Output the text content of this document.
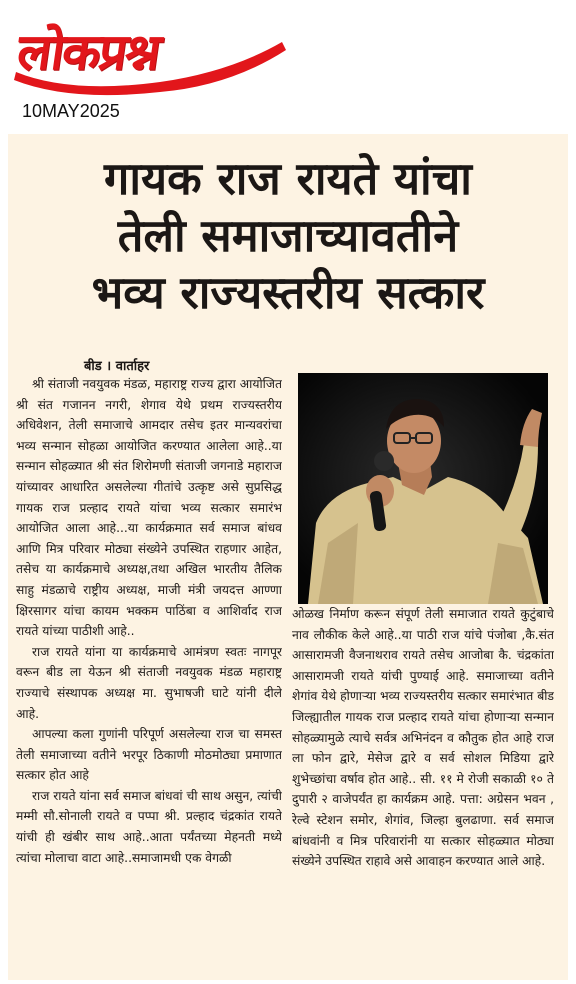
लोकप्रश्न
10MAY2025
गायक राज रायते यांचा
तेली समाजाच्यावतीने
भव्य राज्यस्तरीय सत्कार
बीड । वार्ताहर

श्री संताजी नवयुवक मंडळ, महाराष्ट्र राज्य द्वारा आयोजित श्री संत गजानन नगरी, शेगाव येथे प्रथम राज्यस्तरीय अधिवेशन, तेली समाजाचे आमदार तसेच इतर मान्यवरांचा भव्य सन्मान सोहळा आयोजित करण्यात आलेला आहे..या सन्मान सोहळ्यात श्री संत शिरोमणी संताजी जगनाडे महाराज यांच्यावर आधारित असलेल्या गीतांचे उत्कृष्ट असे सुप्रसिद्ध गायक राज प्रल्हाद रायते यांचा भव्य सत्कार समारंभ आयोजित आला आहे...या कार्यक्रमात सर्व समाज बांधव आणि मित्र परिवार मोठ्या संख्येने उपस्थित राहणार आहेत, तसेच या कार्यक्रमाचे अध्यक्ष,तथा अखिल भारतीय तैलिक साहु मंडळाचे राष्ट्रीय अध्यक्ष, माजी मंत्री जयदत्त आण्णा क्षिरसागर यांचा कायम भक्कम पाठिंबा व आशिर्वाद राज रायते यांच्या पाठीशी आहे..

राज रायते यांना या कार्यक्रमाचे आमंत्रण स्वतः नागपूर वरून बीड ला येऊन श्री संताजी नवयुवक मंडळ महाराष्ट्र राज्याचे संस्थापक अध्यक्ष मा. सुभाषजी घाटे यांनी दीले आहे.

आपल्या कला गुणांनी परिपूर्ण असलेल्या राज चा समस्त तेली समाजाच्या वतीने भरपूर ठिकाणी मोठमोठ्या प्रमाणात सत्कार होत आहे

राज रायते यांना सर्व समाज बांधवां ची साथ असुन, त्यांची मम्मी सौ.सोनाली रायते व पप्पा श्री. प्रल्हाद चंद्रकांत रायते यांची ही खंबीर साथ आहे..आता पर्यंतच्या मेहनती मध्ये त्यांचा मोलाचा वाटा आहे..समाजामधी एक वेगळी

ओळख निर्माण करून संपूर्ण तेली समाजात रायते कुटुंबाचे नाव लौकीक केले आहे..या पाठी राज यांचे पंजोबा ,कै.संत आसारामजी वैजनाथराव रायते तसेच आजोबा कै. चंद्रकांता आसारामजी रायते यांची पुण्याई आहे. समाजाच्या वतीने शेगांव येथे होणाऱ्या भव्य राज्यस्तरीय सत्कार समारंभात बीड जिल्ह्यातील गायक राज प्रल्हाद रायते यांचा होणाऱ्या सन्मान सोहळ्यामुळे त्याचे सर्वत्र अभिनंदन व कौतुक होत आहे राज ला फोन द्वारे, मेसेज द्वारे व सर्व सोशल मिडिया द्वारे शुभेच्छांचा वर्षाव होत आहे.. सी. ११ मे रोजी सकाळी १० ते दुपारी २ वाजेपर्यंत हा कार्यक्रम आहे. पत्ता: अग्रेसन भवन , रेल्वे स्टेशन समोर, शेगांव, जिल्हा बुलढाणा. सर्व समाज बांधवांनी व मित्र परिवारांनी या सत्कार सोहळ्यात मोठ्या संख्येने उपस्थित राहावे असे आवाहन करण्यात आले आहे.
